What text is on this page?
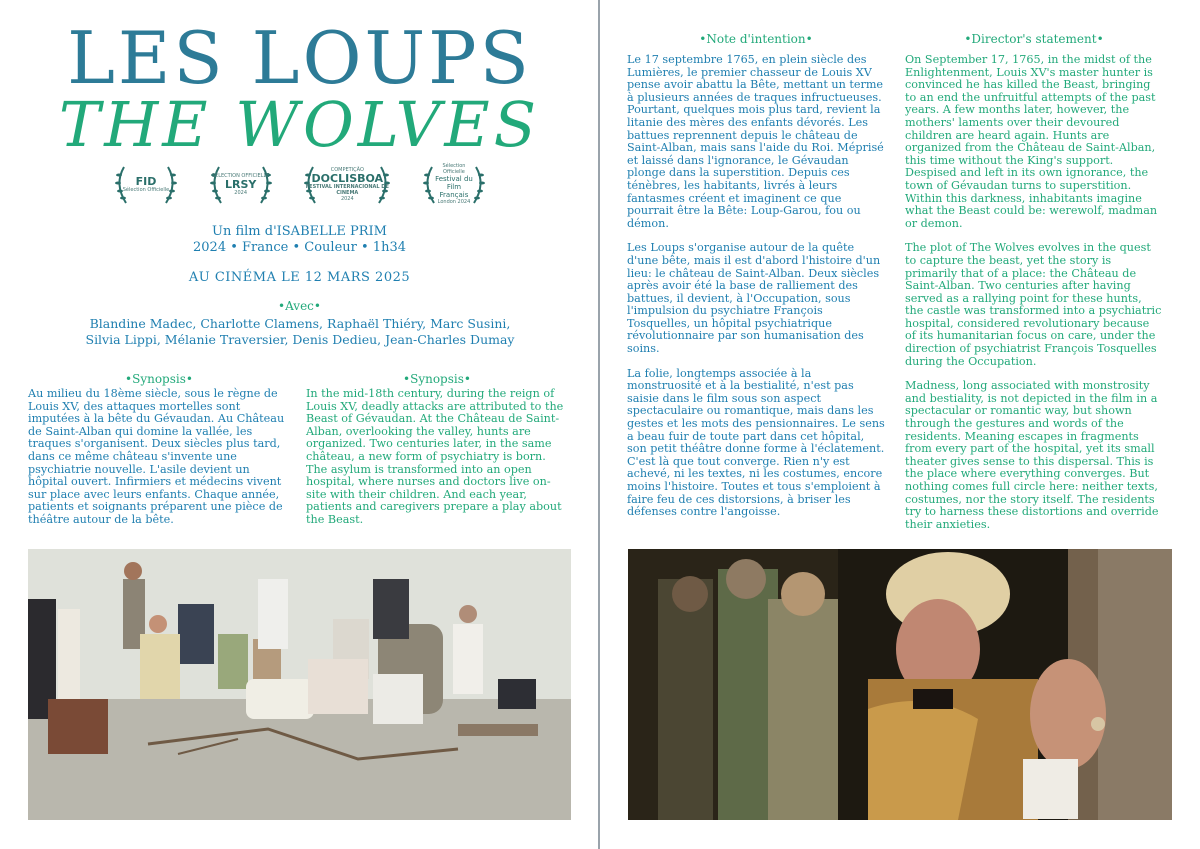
LES LOUPS
THE WOLVES
FID
Sélection Officielle
SÉLECTION OFFICIELLE
LRSY
2024
COMPETIÇÃO
DOCLISBOA
FESTIVAL INTERNACIONAL DE CINEMA
2024
Sélection Officielle
Festival du Film Français
London 2024
Un film d'ISABELLE PRIM
2024 • France • Couleur • 1h34
AU CINÉMA LE 12 MARS 2025
•Avec•
Blandine Madec, Charlotte Clamens, Raphaël Thiéry, Marc Susini,
Silvia Lippi, Mélanie Traversier, Denis Dedieu, Jean-Charles Dumay
•Synopsis•
Au milieu du 18ème siècle, sous le règne de Louis XV, des attaques mortelles sont imputées à la bête du Gévaudan. Au Château de Saint-Alban qui domine la vallée, les traques s'organisent. Deux siècles plus tard, dans ce même château s'invente une psychiatrie nouvelle. L'asile devient un hôpital ouvert. Infirmiers et médecins vivent sur place avec leurs enfants. Chaque année, patients et soignants préparent une pièce de théâtre autour de la bête.
•Synopsis•
In the mid-18th century, during the reign of Louis XV, deadly attacks are attributed to the Beast of Gévaudan. At the Château de Saint-Alban, overlooking the valley, hunts are organized. Two centuries later, in the same château, a new form of psychiatry is born. The asylum is transformed into an open hospital, where nurses and doctors live on-site with their children. And each year, patients and caregivers prepare a play about the Beast.
•Note d'intention•
Le 17 septembre 1765, en plein siècle des Lumières, le premier chasseur de Louis XV pense avoir abattu la Bête, mettant un terme à plusieurs années de traques infructueuses. Pourtant, quelques mois plus tard, revient la litanie des mères des enfants dévorés. Les battues reprennent depuis le château de Saint-Alban, mais sans l'aide du Roi. Méprisé et laissé dans l'ignorance, le Gévaudan plonge dans la superstition. Depuis ces ténèbres, les habitants, livrés à leurs fantasmes créent et imaginent ce que pourrait être la Bête: Loup-Garou, fou ou démon.
Les Loups s'organise autour de la quête d'une bête, mais il est d'abord l'histoire d'un lieu: le château de Saint-Alban. Deux siècles après avoir été la base de ralliement des battues, il devient, à l'Occupation, sous l'impulsion du psychiatre François Tosquelles, un hôpital psychiatrique révolutionnaire par son humanisation des soins.
La folie, longtemps associée à la monstruosité et à la bestialité, n'est pas saisie dans le film sous son aspect spectaculaire ou romantique, mais dans les gestes et les mots des pensionnaires. Le sens a beau fuir de toute part dans cet hôpital, son petit théâtre donne forme à l'éclatement. C'est là que tout converge. Rien n'y est achevé, ni les textes, ni les costumes, encore moins l'histoire. Toutes et tous s'emploient à faire feu de ces distorsions, à briser les défenses contre l'angoisse.
•Director's statement•
On September 17, 1765, in the midst of the Enlightenment, Louis XV's master hunter is convinced he has killed the Beast, bringing to an end the unfruitful attempts of the past years. A few months later, however, the mothers' laments over their devoured children are heard again. Hunts are organized from the Château de Saint-Alban, this time without the King's support. Despised and left in its own ignorance, the town of Gévaudan turns to superstition. Within this darkness, inhabitants imagine what the Beast could be: werewolf, madman or demon.
The plot of The Wolves evolves in the quest to capture the beast, yet the story is primarily that of a place: the Château de Saint-Alban. Two centuries after having served as a rallying point for these hunts, the castle was transformed into a psychiatric hospital, considered revolutionary because of its humanitarian focus on care, under the direction of psychiatrist François Tosquelles during the Occupation.
Madness, long associated with monstrosity and bestiality, is not depicted in the film in a spectacular or romantic way, but shown through the gestures and words of the residents. Meaning escapes in fragments from every part of the hospital, yet its small theater gives sense to this dispersal. This is the place where everything converges. But nothing comes full circle here: neither texts, costumes, nor the story itself. The residents try to harness these distortions and override their anxieties.
